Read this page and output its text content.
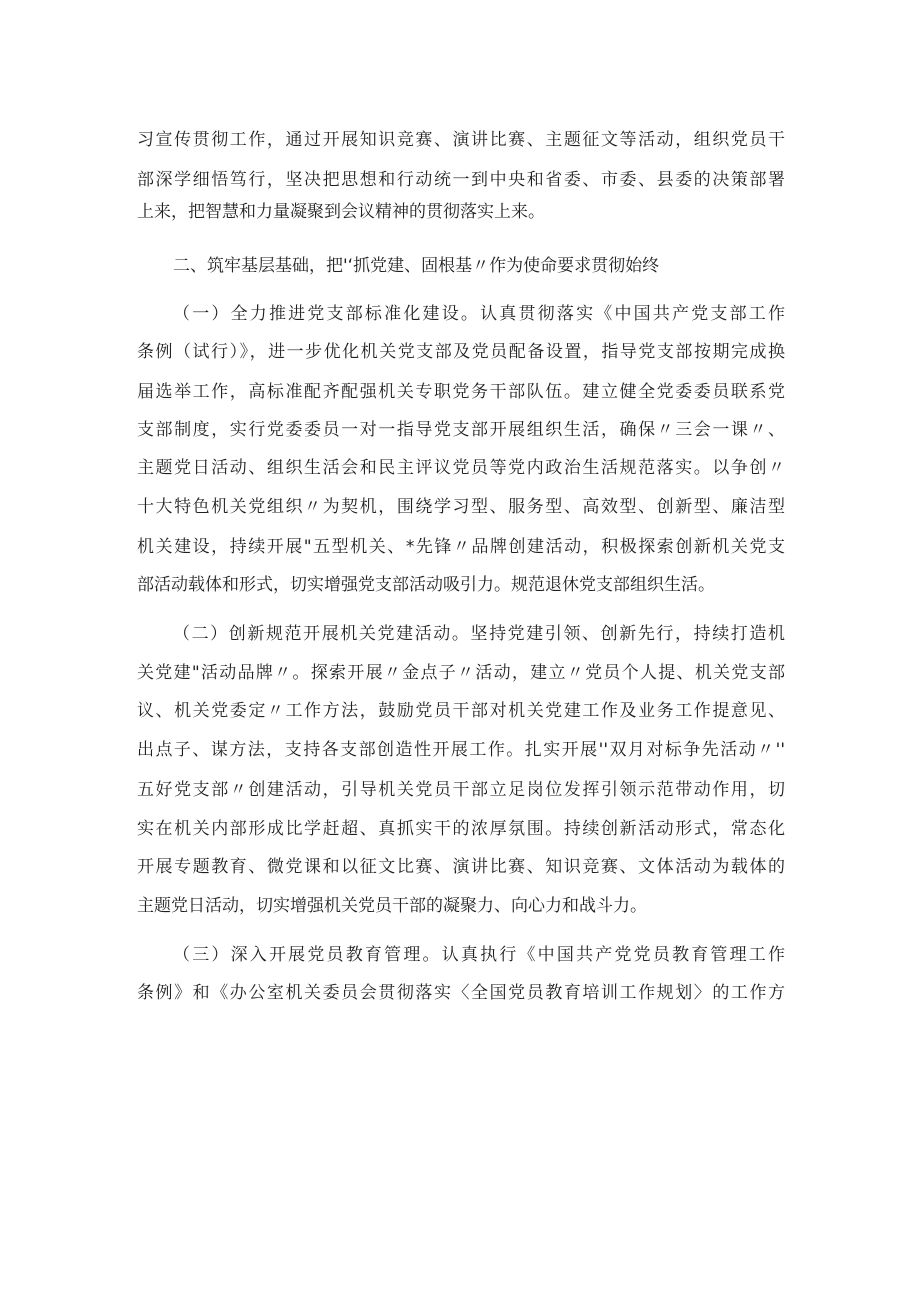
习宣传贯彻工作，通过开展知识竞赛、演讲比赛、主题征文等活动，组织党员干
部深学细悟笃行，坚决把思想和行动统一到中央和省委、市委、县委的决策部署
上来，把智慧和力量凝聚到会议精神的贯彻落实上来。
二、筑牢基层基础，把'‘抓党建、固根基〃作为使命要求贯彻始终
（一）全力推进党支部标准化建设。认真贯彻落实《中国共产党支部工作
条例（试行）》，进一步优化机关党支部及党员配备设置，指导党支部按期完成换
届选举工作，高标准配齐配强机关专职党务干部队伍。建立健全党委委员联系党
支部制度，实行党委委员一对一指导党支部开展组织生活，确保〃三会一课〃、
主题党日活动、组织生活会和民主评议党员等党内政治生活规范落实。以争创〃
十大特色机关党组织〃为契机，围绕学习型、服务型、高效型、创新型、廉洁型
机关建设，持续开展"五型机关、*先锋〃品牌创建活动，积极探索创新机关党支
部活动载体和形式，切实增强党支部活动吸引力。规范退休党支部组织生活。
（二）创新规范开展机关党建活动。坚持党建引领、创新先行，持续打造机
关党建"活动品牌〃。探索开展〃金点子〃活动，建立〃党员个人提、机关党支部
议、机关党委定〃工作方法，鼓励党员干部对机关党建工作及业务工作提意见、
出点子、谋方法，支持各支部创造性开展工作。扎实开展''双月对标争先活动〃''
五好党支部〃创建活动，引导机关党员干部立足岗位发挥引领示范带动作用，切
实在机关内部形成比学赶超、真抓实干的浓厚氛围。持续创新活动形式，常态化
开展专题教育、微党课和以征文比赛、演讲比赛、知识竞赛、文体活动为载体的
主题党日活动，切实增强机关党员干部的凝聚力、向心力和战斗力。
（三）深入开展党员教育管理。认真执行《中国共产党党员教育管理工作
条例》和《办公室机关委员会贯彻落实〈全国党员教育培训工作规划〉的工作方
